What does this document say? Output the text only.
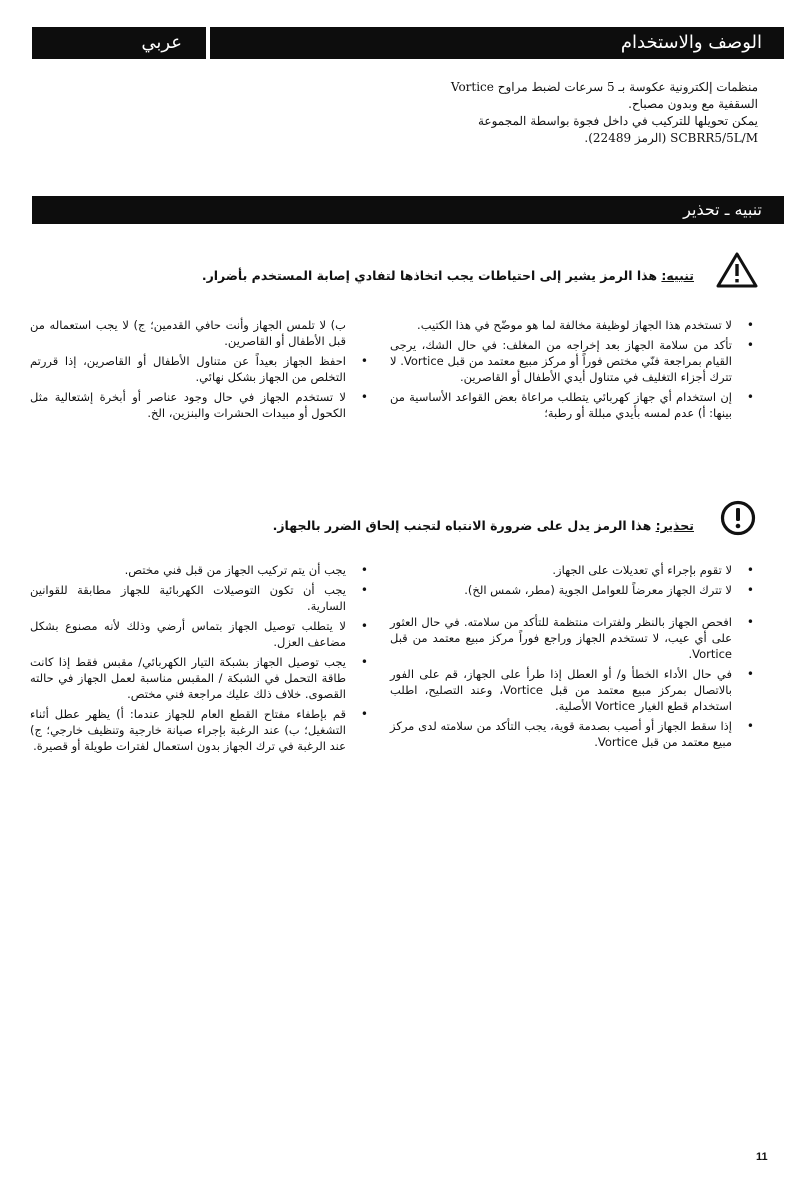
الوصف والاستخدام
عربي

منظمات إلكترونية عكوسة بـ 5 سرعات لضبط مراوح Vortice

السقفية مع وبدون مصباح.

يمكن تحويلها للتركيب في داخل فجوة بواسطة المجموعة

SCBRR5/5L/M (الرمز 22489).

تنبيه ـ تحذير
تنبيه: هذا الرمز يشير إلى احتياطات يجب اتخاذها لتفادي إصابة المستخدم بأضرار.
• لا تستخدم هذا الجهاز لوظيفة مخالفة لما هو موضّح في هذا الكتيب.
• تأكد من سلامة الجهاز بعد إخراجه من المغلف: في حال الشك، يرجى القيام بمراجعة فنّي مختص فوراً أو مركز مبيع معتمد من قبل Vortice. لا تترك أجزاء التغليف في متناول أيدي الأطفال أو القاصرين.
• إن استخدام أي جهاز كهربائي يتطلب مراعاة بعض القواعد الأساسية من بينها: أ) عدم لمسه بأيدي مبللة أو رطبة؛
ب) لا تلمس الجهاز وأنت حافي القدمين؛ ج) لا يجب استعماله من قبل الأطفال أو القاصرين.
• احفظ الجهاز بعيداً عن متناول الأطفال أو القاصرين، إذا قررتم التخلص من الجهاز بشكل نهائي.
• لا تستخدم الجهاز في حال وجود عناصر أو أبخرة إشتعالية مثل الكحول أو مبيدات الحشرات والبنزين، الخ.
تحذير: هذا الرمز يدل على ضرورة الانتباه لتجنب إلحاق الضرر بالجهاز.
• لا تقوم بإجراء أي تعديلات على الجهاز.
• لا تترك الجهاز معرضاً للعوامل الجوية (مطر، شمس الخ).
• افحص الجهاز بالنظر ولفترات منتظمة للتأكد من سلامته. في حال العثور على أي عيب، لا تستخدم الجهاز وراجع فوراً مركز مبيع معتمد من قبل Vortice.
• في حال الأداء الخطأ و/ أو العطل إذا طرأ على الجهاز، قم على الفور بالاتصال بمركز مبيع معتمد من قبل Vortice، وعند التصليح، اطلب استخدام قطع الغيار Vortice الأصلية.
• إذا سقط الجهاز أو أصيب بصدمة قوية، يجب التأكد من سلامته لدى مركز مبيع معتمد من قبل Vortice.
• يجب أن يتم تركيب الجهاز من قبل فني مختص.
• يجب أن تكون التوصيلات الكهربائية للجهاز مطابقة للقوانين السارية.
• لا يتطلب توصيل الجهاز بتماس أرضي وذلك لأنه مصنوع بشكل مضاعف العزل.
• يجب توصيل الجهاز بشبكة التيار الكهربائي/ مقبس فقط إذا كانت طاقة التحمل في الشبكة / المقبس مناسبة لعمل الجهاز في حالته القصوى. خلاف ذلك عليك مراجعة فني مختص.
• قم بإطفاء مفتاح القطع العام للجهاز عندما: أ) يظهر عطل أثناء التشغيل؛ ب) عند الرغبة بإجراء صيانة خارجية وتنظيف خارجي؛ ج) عند الرغبة في ترك الجهاز بدون استعمال لفترات طويلة أو قصيرة.
11
